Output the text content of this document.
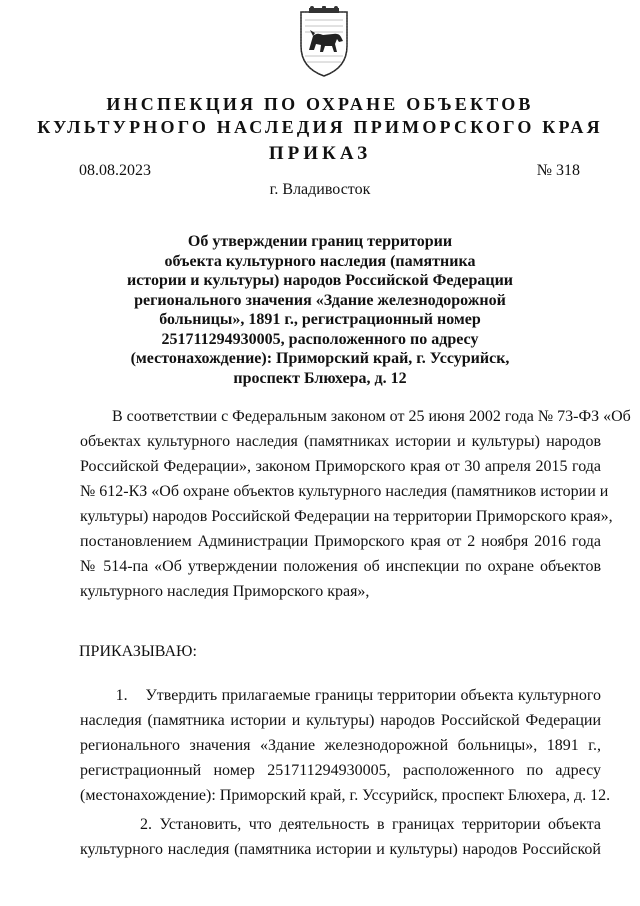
ИНСПЕКЦИЯ ПО ОХРАНЕ ОБЪЕКТОВ
КУЛЬТУРНОГО НАСЛЕДИЯ ПРИМОРСКОГО КРАЯ
ПРИКАЗ
08.08.2023	№ 318
г. Владивосток
Об утверждении границ территории
объекта культурного наследия (памятника
истории и культуры) народов Российской Федерации
регионального значения «Здание железнодорожной
больницы», 1891 г., регистрационный номер
251711294930005, расположенного по адресу
(местонахождение): Приморский край, г. Уссурийск,
проспект Блюхера, д. 12
В соответствии с Федеральным законом от 25 июня 2002 года № 73-ФЗ «Об
объектах культурного наследия (памятниках истории и культуры) народов
Российской Федерации», законом Приморского края от 30 апреля 2015 года
№ 612-КЗ «Об охране объектов культурного наследия (памятников истории и
культуры) народов Российской Федерации на территории Приморского края»,
постановлением Администрации Приморского края от 2 ноября 2016 года
№ 514-па «Об утверждении положения об инспекции по охране объектов
культурного наследия Приморского края»,
ПРИКАЗЫВАЮ:
1.    Утвердить прилагаемые границы территории объекта культурного
наследия (памятника истории и культуры) народов Российской Федерации
регионального значения «Здание железнодорожной больницы», 1891 г.,
регистрационный номер 251711294930005, расположенного по адресу
(местонахождение): Приморский край, г. Уссурийск, проспект Блюхера, д. 12.
2. Установить, что деятельность в границах территории объекта
культурного наследия (памятника истории и культуры) народов Российской
